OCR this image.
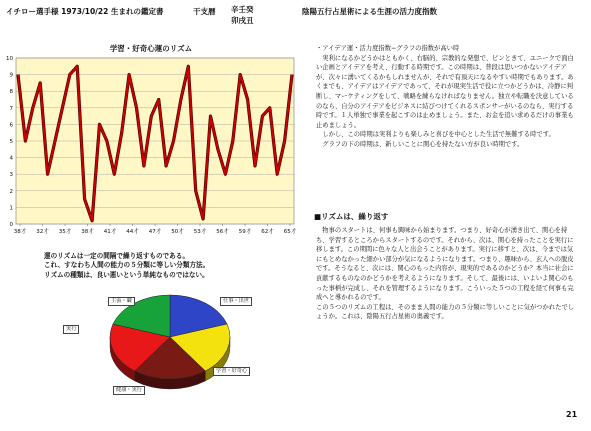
イチロー選手様 1973/10/22 生まれの鑑定書	干支暦 辛壬癸
卯戌丑
陰陽五行占星術による生涯の活力度指数
学習・好奇心運のリズム
0
1
2
3
4
5
6
7
8
9
10
38才 32才 35才 38才 41才 44才 47才 50才 53才 56才 59才 62才 65才
運のリズムは一定の間隔で繰り返すものである。
これ、すなわち人間の能力の５分類に等しい分類方法。
リズムの種類は、良い悪いという単純なものではない。
主張・職	仕事・出世
実行
学習・好奇心
健康・実行

・アイデア運・活力度指数−グラフの指数が高い時

実利になるかどうかはともかく、右脳的、宗教的な発想で、ピンときて、ユニークで面白い企画とアイデアを考え、行動する時期です。この時期は、普段は思いつかないアイデアが、次々に湧いてくるかもしれませんが、それで有頂天になるやすい時期でもあります。あくまでも、アイデアはアイデアであって、それが現実生活で役に立つかどうかは、冷静に判断し、マーケティングをして、戦略を練らなければなりません。独立や転職を決意しているのなら、自分のアイデアをビジネスに結びつけてくれるスポンサーがいるのなら、実行する時です。１人単独で事業を起こすのは止めましょう。また、お金を追い求めるだけの事業も止めましょう。

しかし、この時期は実利よりも楽しみと喜びを中心とした生活で無難する時です。

グラフの下の時期は、新しいことに関心を持たない方が良い時期です。

■リズムは、繰り返す

物事のスタートは、何事も興味から始まります。つまり、好奇心が湧き出て、関心を持ち、学習するところからスタートするのです。それから、次は、関心を持ったことを実行に移します。この期間に色々な人と出会うことがあります。実行に移すと、次は、今までは気にもとめなかった細かい部分が気になるようになります。つまり、趣味から、玄人への脱皮です。そうなると、次には、関心のもった内容が、現実的であるのかどうか？本当に社会に貢献するものなのかどうかを考えるようになります。そして、最後には、いよいよ関心のもった事柄が完成し、それを管理するようになります。こういった５つの工程を経て何事も完成へと導かれるのです。

この５つのリズムの工程は、そのまま人間の能力の５分類に等しいことに気がつかれたでしょうか。これは、陰陽五行占星術の奥義です。

21
